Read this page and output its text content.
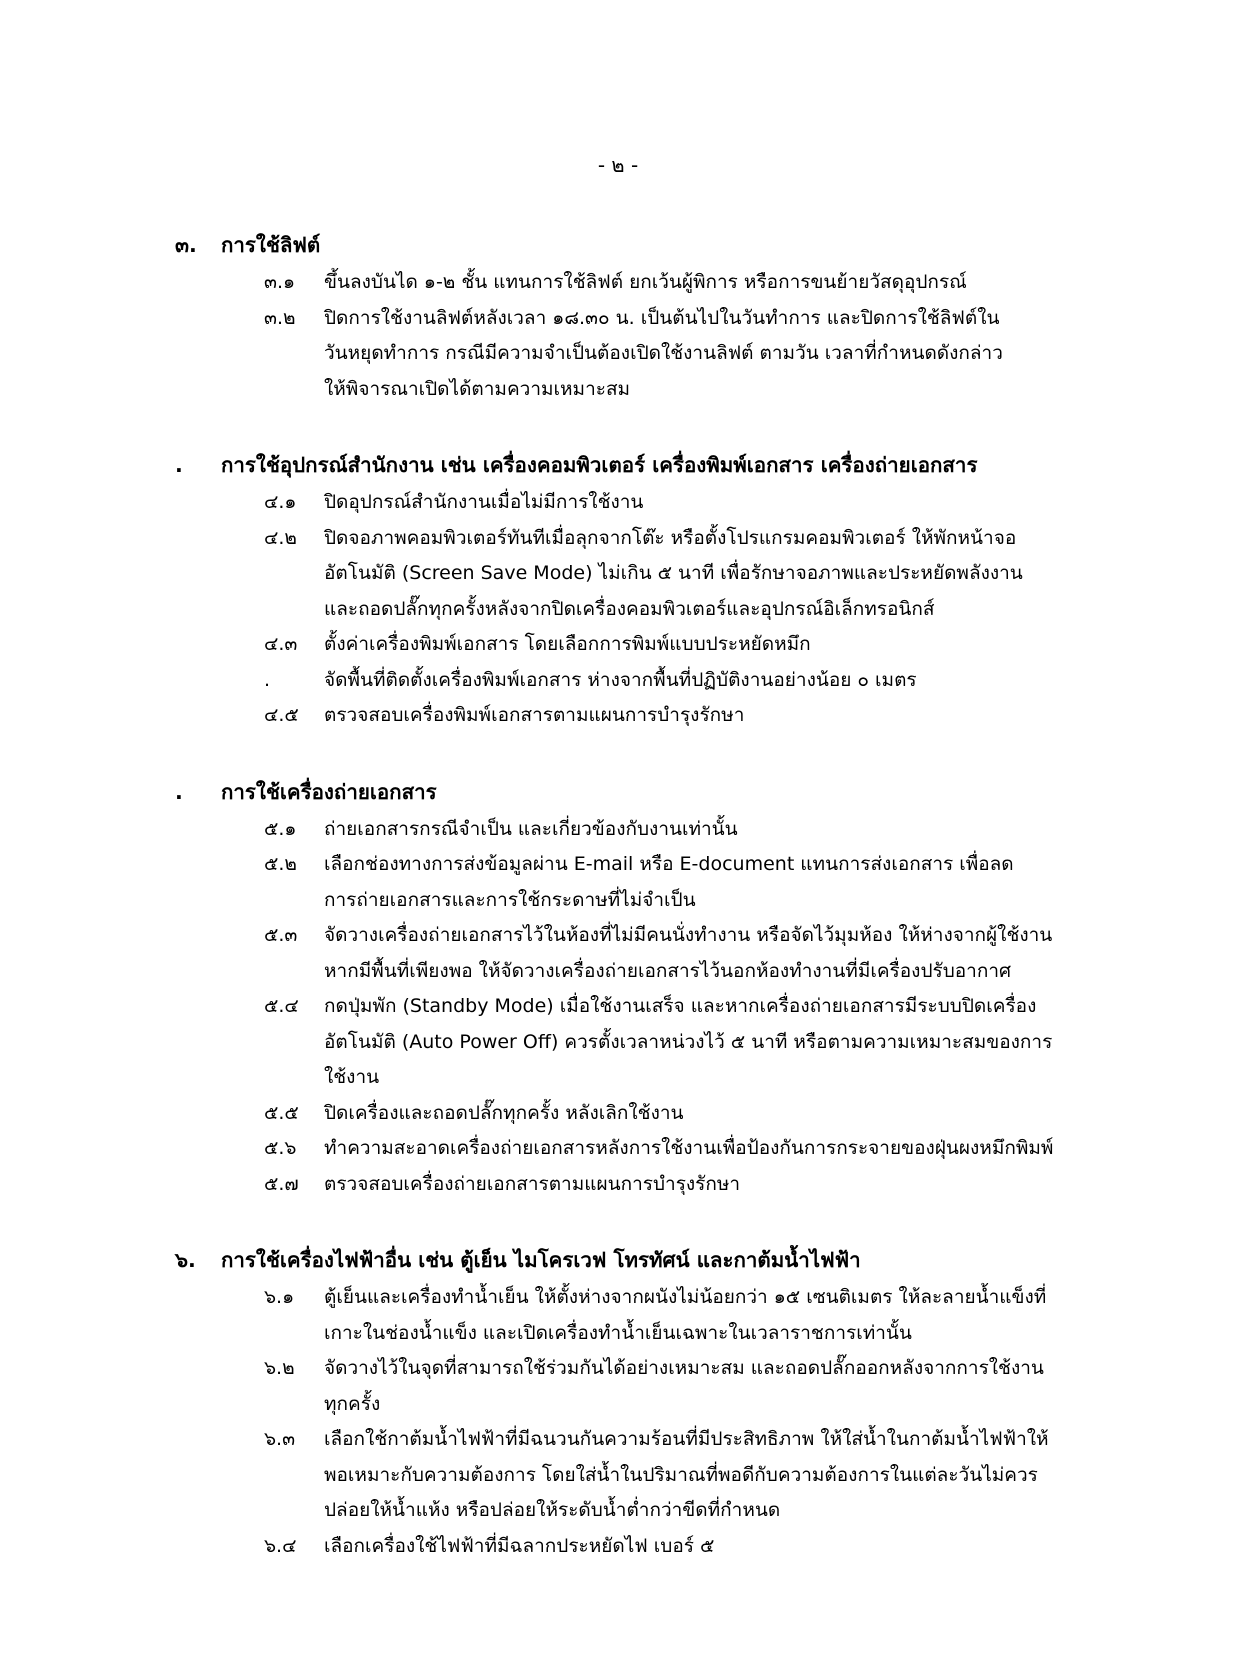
- ๒ -
๓.	การใช้ลิฟต์
๓.๑	ขึ้นลงบันได ๑-๒ ชั้น แทนการใช้ลิฟต์ ยกเว้นผู้พิการ หรือการขนย้ายวัสดุอุปกรณ์
๓.๒	ปิดการใช้งานลิฟต์หลังเวลา ๑๘.๓๐ น. เป็นต้นไปในวันทำการ และปิดการใช้ลิฟต์ใน
วันหยุดทำการ กรณีมีความจำเป็นต้องเปิดใช้งานลิฟต์ ตามวัน เวลาที่กำหนดดังกล่าว
ให้พิจารณาเปิดได้ตามความเหมาะสม
.	การใช้อุปกรณ์สำนักงาน เช่น เครื่องคอมพิวเตอร์ เครื่องพิมพ์เอกสาร เครื่องถ่ายเอกสาร
๔.๑	ปิดอุปกรณ์สำนักงานเมื่อไม่มีการใช้งาน
๔.๒	ปิดจอภาพคอมพิวเตอร์ทันทีเมื่อลุกจากโต๊ะ หรือตั้งโปรแกรมคอมพิวเตอร์ ให้พักหน้าจอ
อัตโนมัติ (Screen Save Mode) ไม่เกิน ๕ นาที เพื่อรักษาจอภาพและประหยัดพลังงาน
และถอดปลั๊กทุกครั้งหลังจากปิดเครื่องคอมพิวเตอร์และอุปกรณ์อิเล็กทรอนิกส์
๔.๓	ตั้งค่าเครื่องพิมพ์เอกสาร โดยเลือกการพิมพ์แบบประหยัดหมึก
.	จัดพื้นที่ติดตั้งเครื่องพิมพ์เอกสาร ห่างจากพื้นที่ปฏิบัติงานอย่างน้อย ๐ เมตร
๔.๕	ตรวจสอบเครื่องพิมพ์เอกสารตามแผนการบำรุงรักษา
.	การใช้เครื่องถ่ายเอกสาร
๕.๑	ถ่ายเอกสารกรณีจำเป็น และเกี่ยวข้องกับงานเท่านั้น
๕.๒	เลือกช่องทางการส่งข้อมูลผ่าน E-mail หรือ E-document แทนการส่งเอกสาร เพื่อลด
การถ่ายเอกสารและการใช้กระดาษที่ไม่จำเป็น
๕.๓	จัดวางเครื่องถ่ายเอกสารไว้ในห้องที่ไม่มีคนนั่งทำงาน หรือจัดไว้มุมห้อง ให้ห่างจากผู้ใช้งาน
หากมีพื้นที่เพียงพอ ให้จัดวางเครื่องถ่ายเอกสารไว้นอกห้องทำงานที่มีเครื่องปรับอากาศ
๕.๔	กดปุ่มพัก (Standby Mode) เมื่อใช้งานเสร็จ และหากเครื่องถ่ายเอกสารมีระบบปิดเครื่อง
อัตโนมัติ (Auto Power Off) ควรตั้งเวลาหน่วงไว้ ๕ นาที หรือตามความเหมาะสมของการ
ใช้งาน
๕.๕	ปิดเครื่องและถอดปลั๊กทุกครั้ง หลังเลิกใช้งาน
๕.๖	ทำความสะอาดเครื่องถ่ายเอกสารหลังการใช้งานเพื่อป้องกันการกระจายของฝุ่นผงหมึกพิมพ์
๕.๗	ตรวจสอบเครื่องถ่ายเอกสารตามแผนการบำรุงรักษา
๖.	การใช้เครื่องไฟฟ้าอื่น เช่น ตู้เย็น ไมโครเวฟ โทรทัศน์ และกาต้มน้ำไฟฟ้า
๖.๑	ตู้เย็นและเครื่องทำน้ำเย็น ให้ตั้งห่างจากผนังไม่น้อยกว่า ๑๕ เซนติเมตร ให้ละลายน้ำแข็งที่
เกาะในช่องน้ำแข็ง และเปิดเครื่องทำน้ำเย็นเฉพาะในเวลาราชการเท่านั้น
๖.๒	จัดวางไว้ในจุดที่สามารถใช้ร่วมกันได้อย่างเหมาะสม และถอดปลั๊กออกหลังจากการใช้งาน
ทุกครั้ง
๖.๓	เลือกใช้กาต้มน้ำไฟฟ้าที่มีฉนวนกันความร้อนที่มีประสิทธิภาพ ให้ใส่น้ำในกาต้มน้ำไฟฟ้าให้
พอเหมาะกับความต้องการ โดยใส่น้ำในปริมาณที่พอดีกับความต้องการในแต่ละวันไม่ควร
ปล่อยให้น้ำแห้ง หรือปล่อยให้ระดับน้ำต่ำกว่าขีดที่กำหนด
๖.๔	เลือกเครื่องใช้ไฟฟ้าที่มีฉลากประหยัดไฟ เบอร์ ๕
